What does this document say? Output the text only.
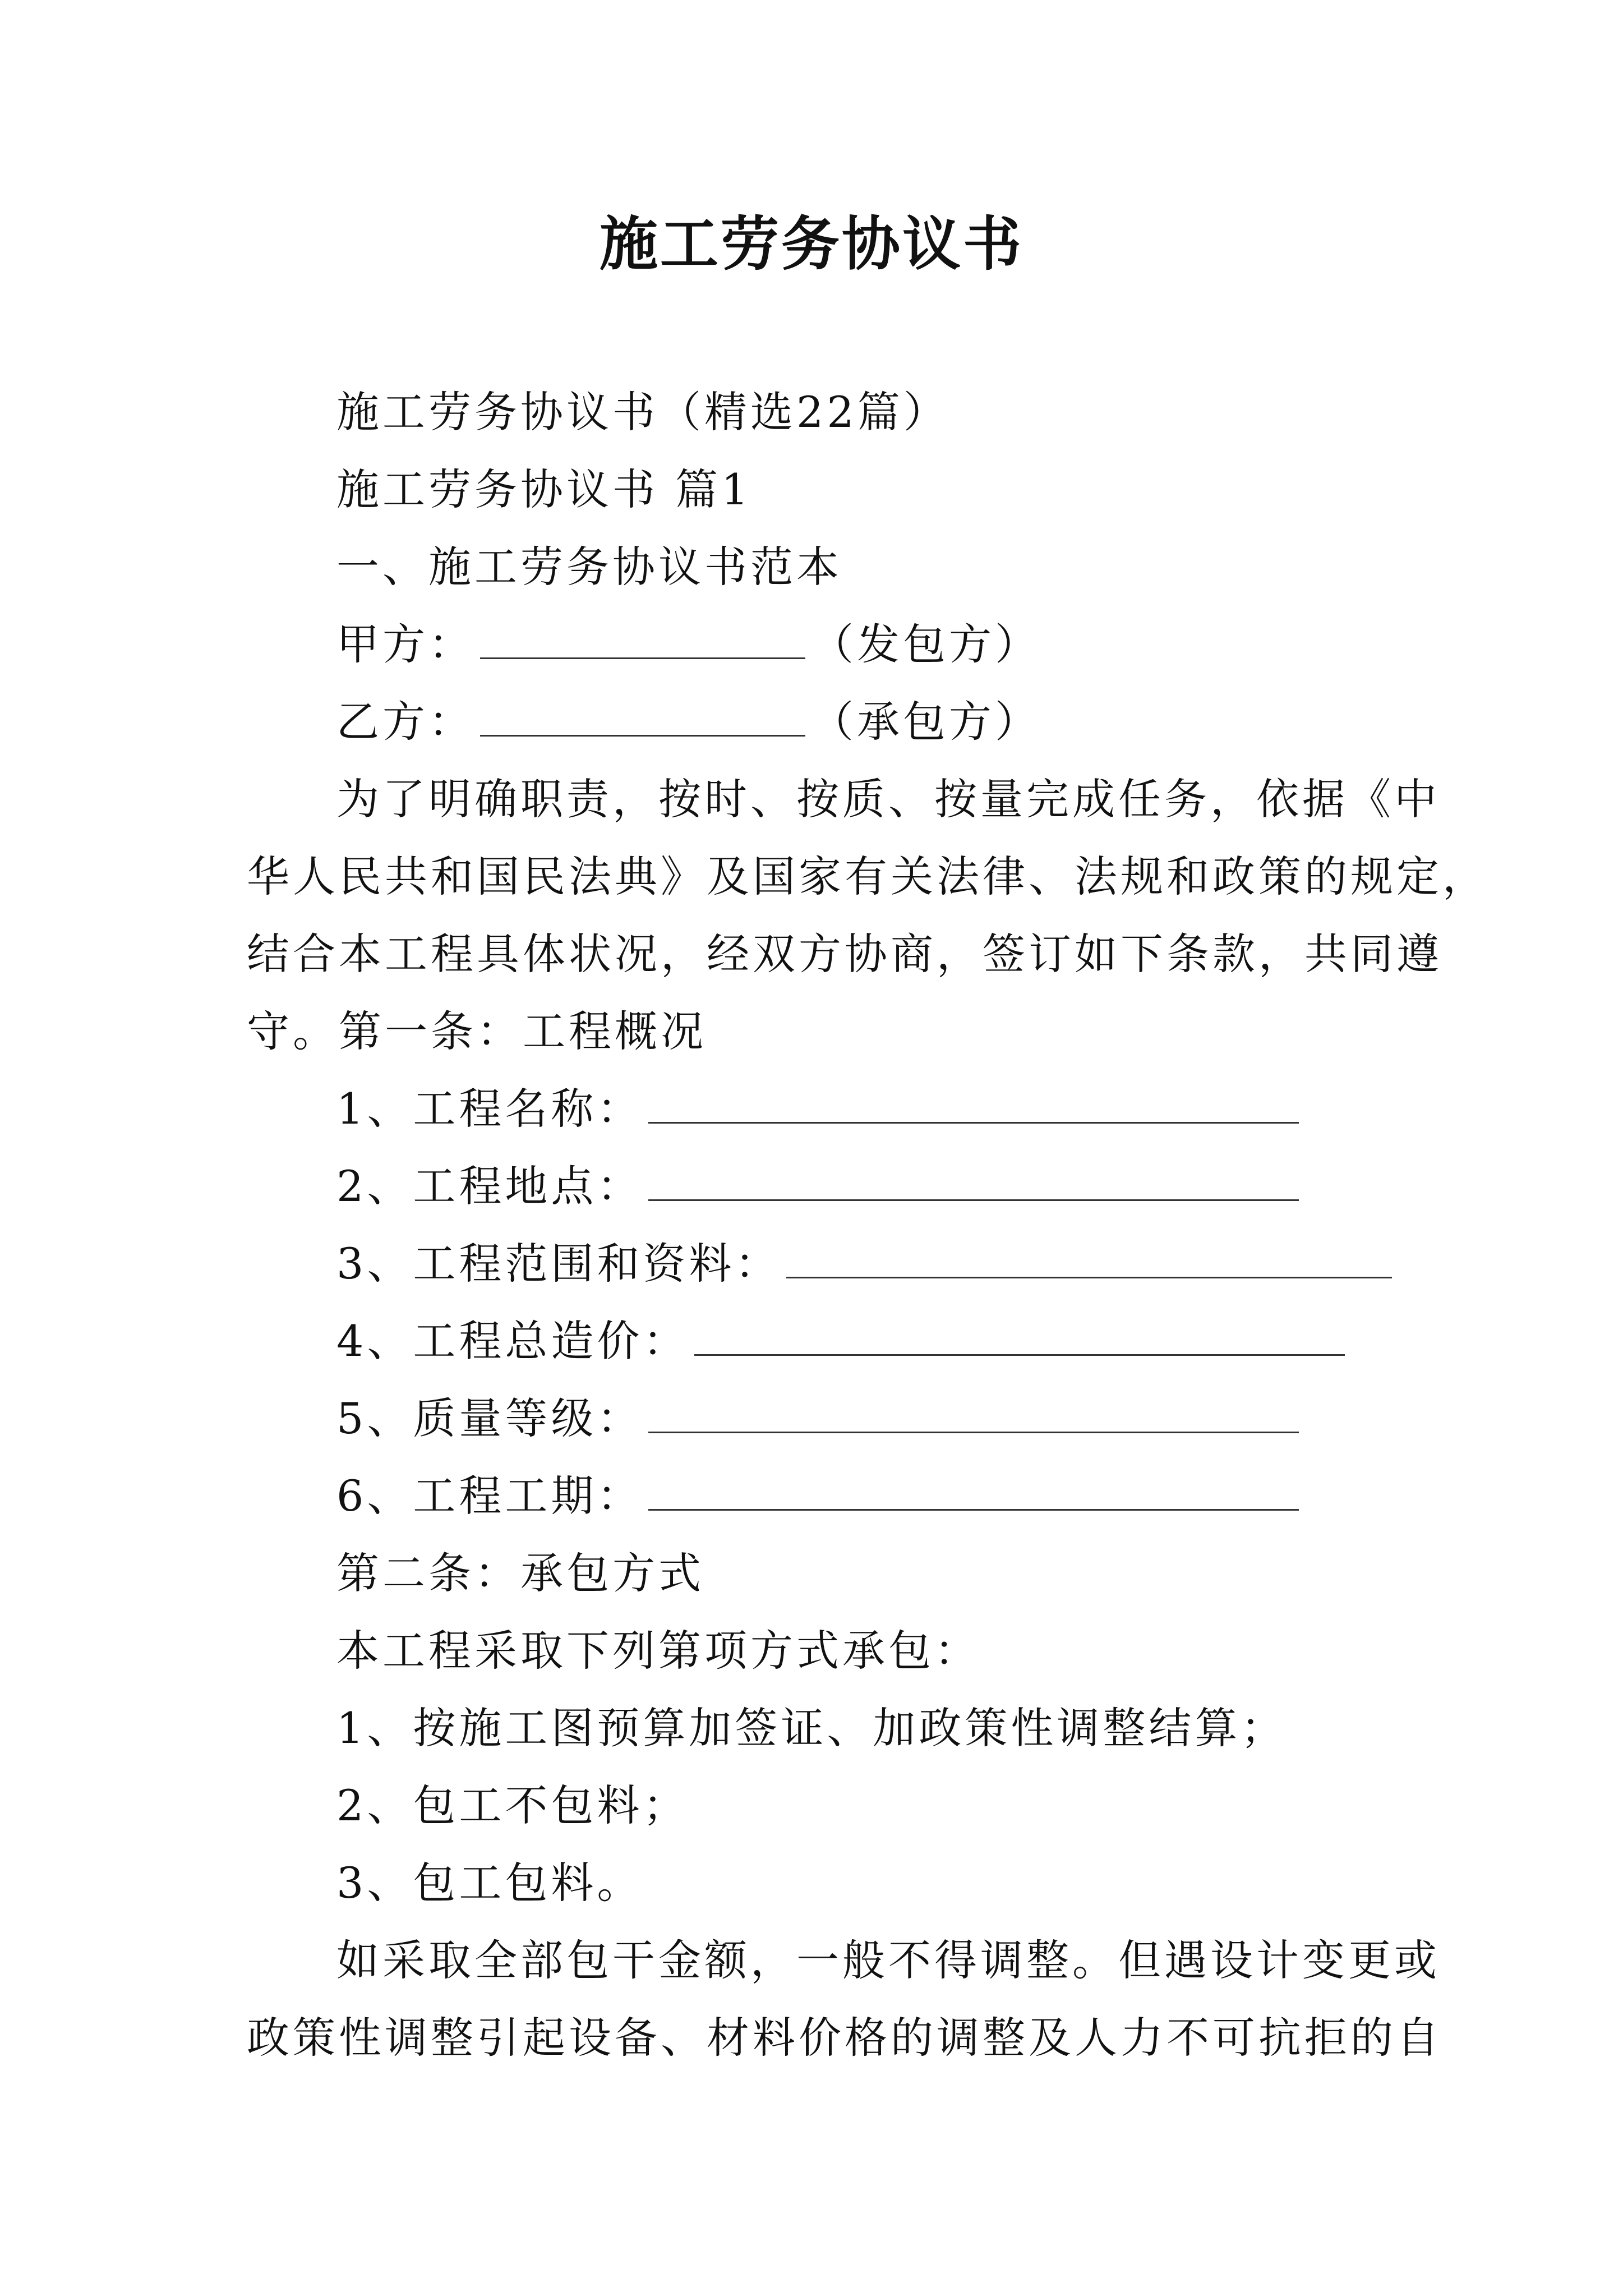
施工劳务协议书
施工劳务协议书（精选22篇）
施工劳务协议书 篇1
一、施工劳务协议书范本
甲方：	（发包方）
乙方：	（承包方）
为了明确职责，按时、按质、按量完成任务，依据《中
华人民共和国民法典》及国家有关法律、法规和政策的规定，
结合本工程具体状况，经双方协商，签订如下条款，共同遵
守。第一条：工程概况
1、工程名称：
2、工程地点：
3、工程范围和资料：
4、工程总造价：
5、质量等级：
6、工程工期：
第二条：承包方式
本工程采取下列第项方式承包：
1、按施工图预算加签证、加政策性调整结算；
2、包工不包料；
3、包工包料。
如采取全部包干金额，一般不得调整。但遇设计变更或
政策性调整引起设备、材料价格的调整及人力不可抗拒的自
